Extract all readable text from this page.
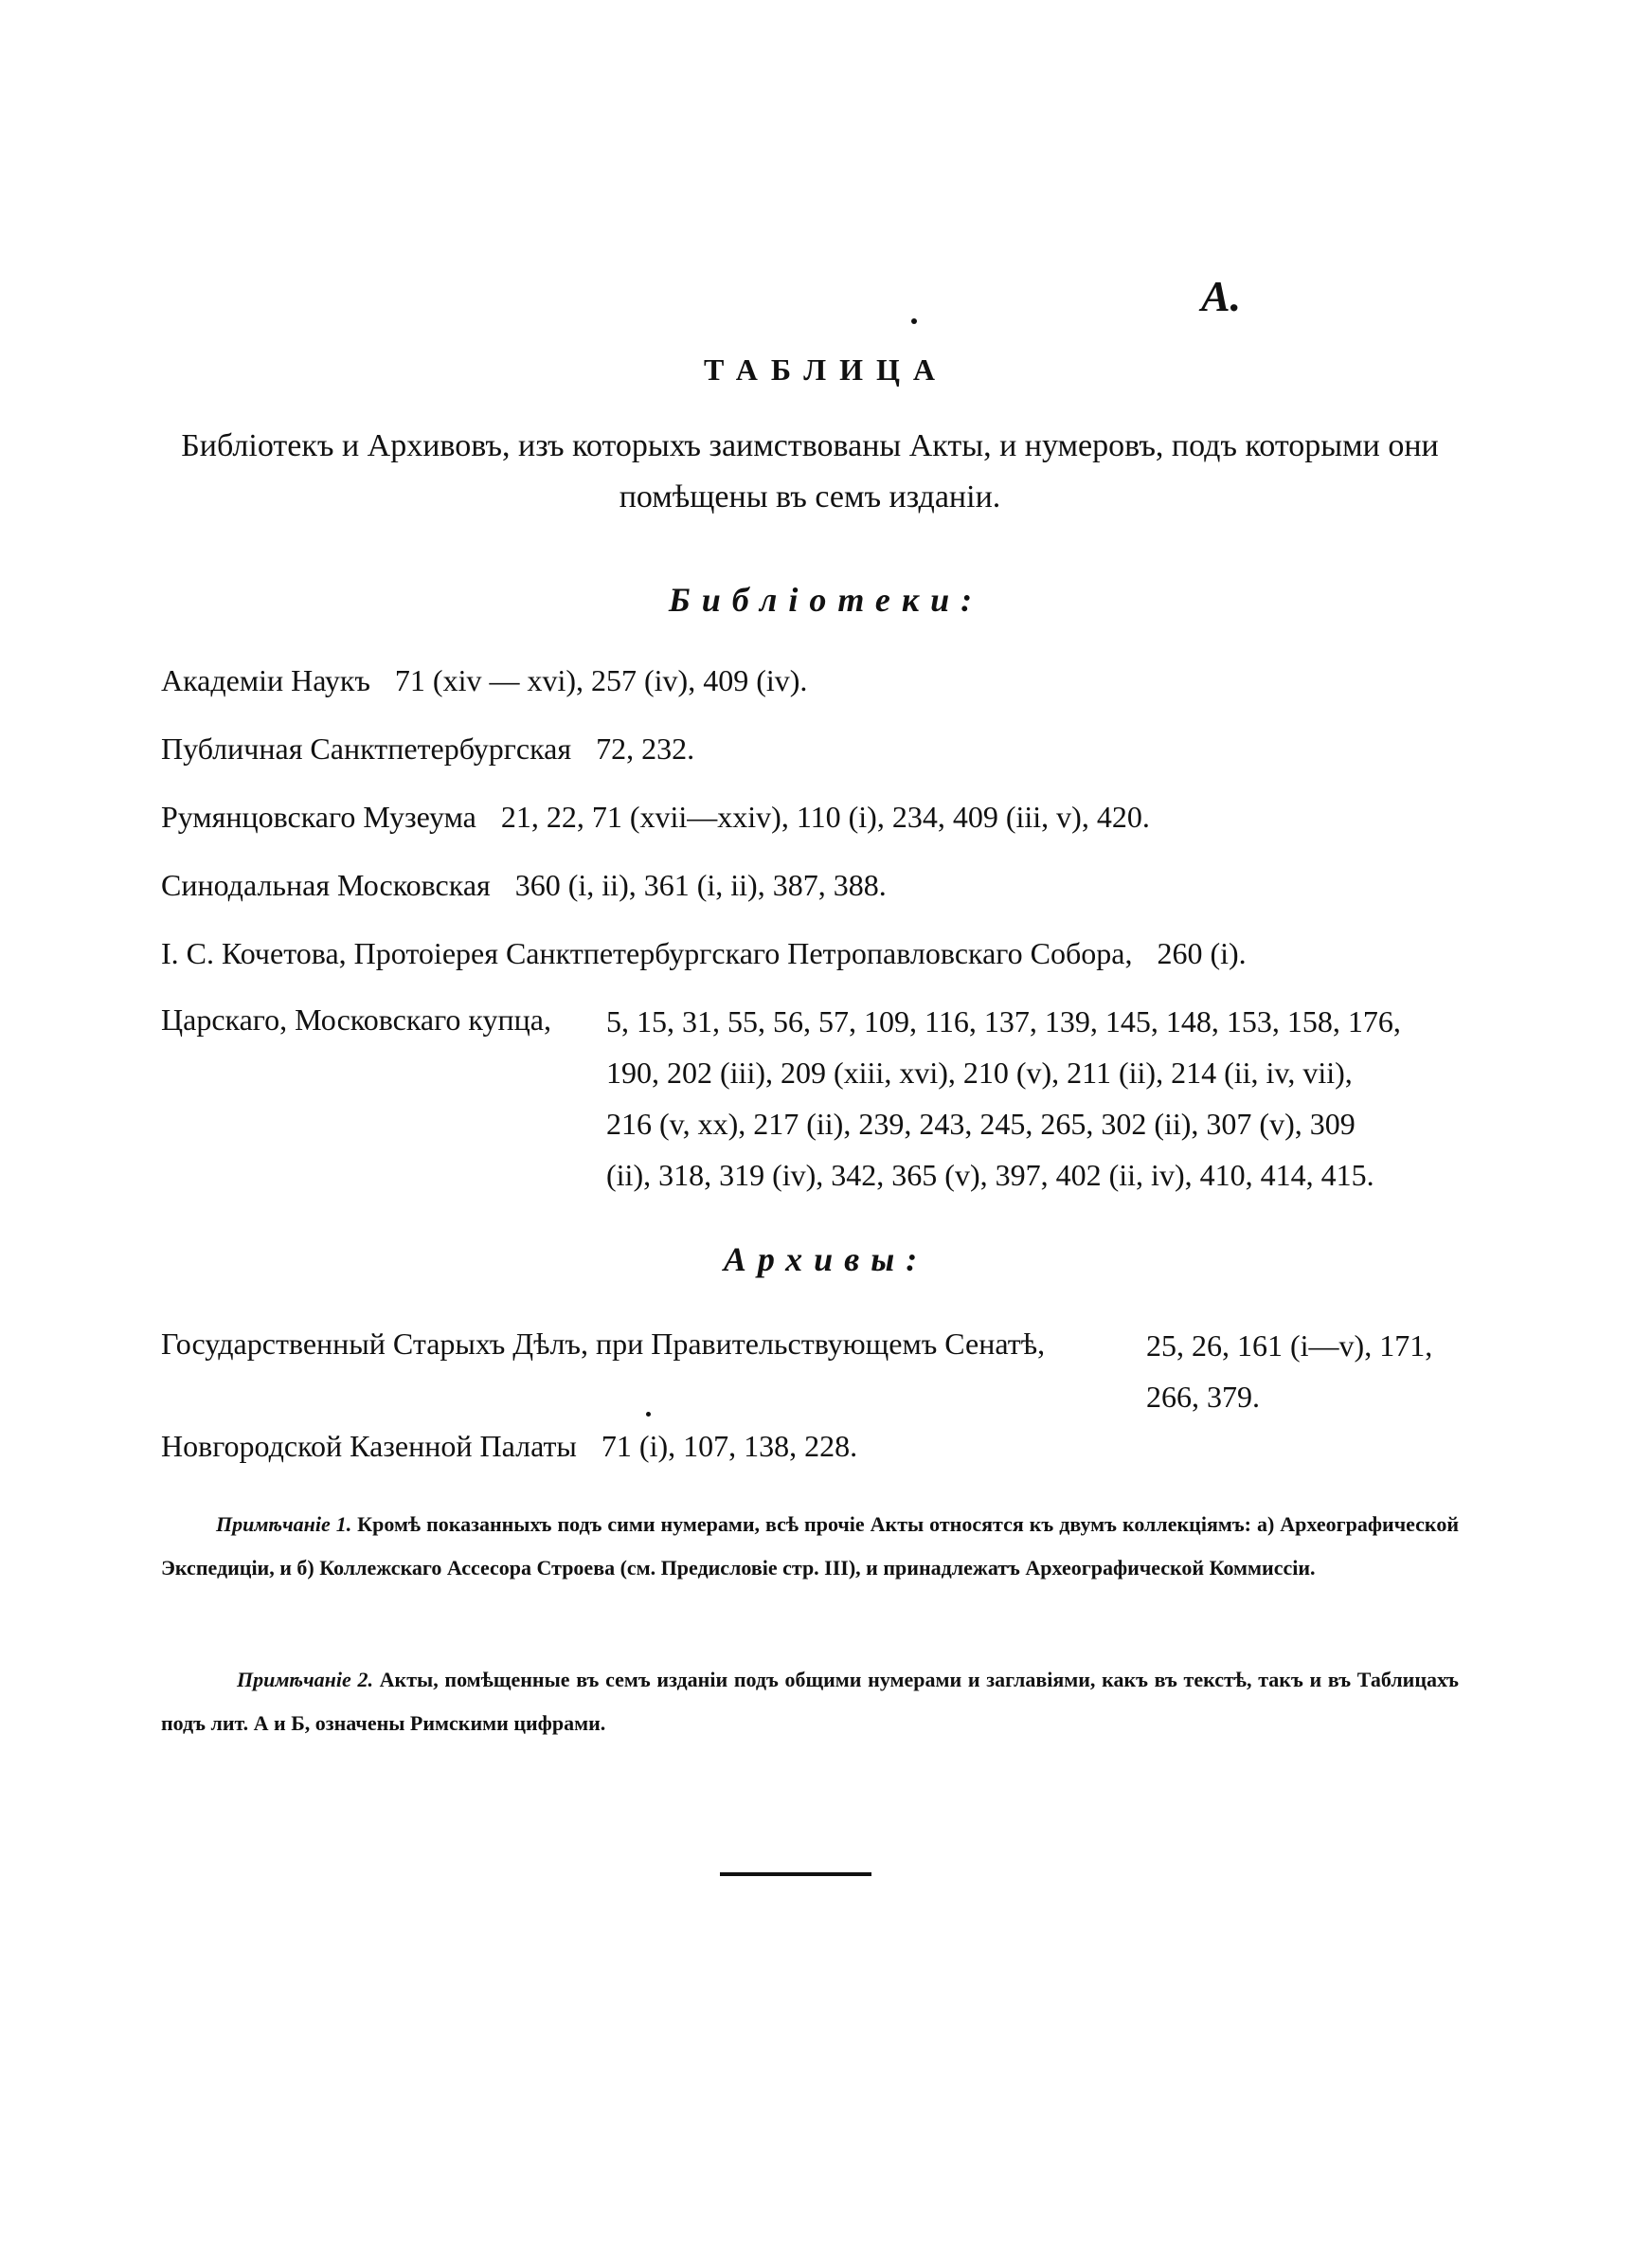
А.
ТАБЛИЦА
Библіотекъ и Архивовъ, изъ которыхъ заимствованы Акты, и нумеровъ, подъ которыми они помѣщены въ семъ изданіи.
Библіотеки:
Академіи Наукъ 71 (xiv — xvi), 257 (iv), 409 (iv).
Публичная Санктпетербургская 72, 232.
Румянцовскаго Музеума 21, 22, 71 (xvii—xxiv), 110 (i), 234, 409 (iii, v), 420.
Синодальная Московская 360 (i, ii), 361 (i, ii), 387, 388.
I. С. Кочетова, Протоіерея Санктпетербургскаго Петропавловскаго Собора, 260 (i).
Царскаго, Московскаго купца, 5, 15, 31, 55, 56, 57, 109, 116, 137, 139, 145, 148, 153, 158, 176,
190, 202 (iii), 209 (xiii, xvi), 210 (v), 211 (ii), 214 (ii, iv, vii),
216 (v, xx), 217 (ii), 239, 243, 245, 265, 302 (ii), 307 (v), 309
(ii), 318, 319 (iv), 342, 365 (v), 397, 402 (ii, iv), 410, 414, 415.
Архивы:
Государственный Старыхъ Дѣлъ, при Правительствующемъ Сенатѣ,	25, 26, 161 (i—v), 171,
266, 379.
Новгородской Казенной Палаты 71 (i), 107, 138, 228.
Примѣчаніе 1. Кромѣ показанныхъ подъ сими нумерами, всѣ прочіе Акты относятся къ двумъ коллекціямъ: а) Археографической Экспедиціи, и б) Коллежскаго Ассесора Строева (см. Предисловіе стр. III), и принадлежатъ Археографической Коммиссіи.
Примѣчаніе 2. Акты, помѣщенные въ семъ изданіи подъ общими нумерами и заглавіями, какъ въ текстѣ, такъ и въ Таблицахъ подъ лит. А и Б, означены Римскими цифрами.
